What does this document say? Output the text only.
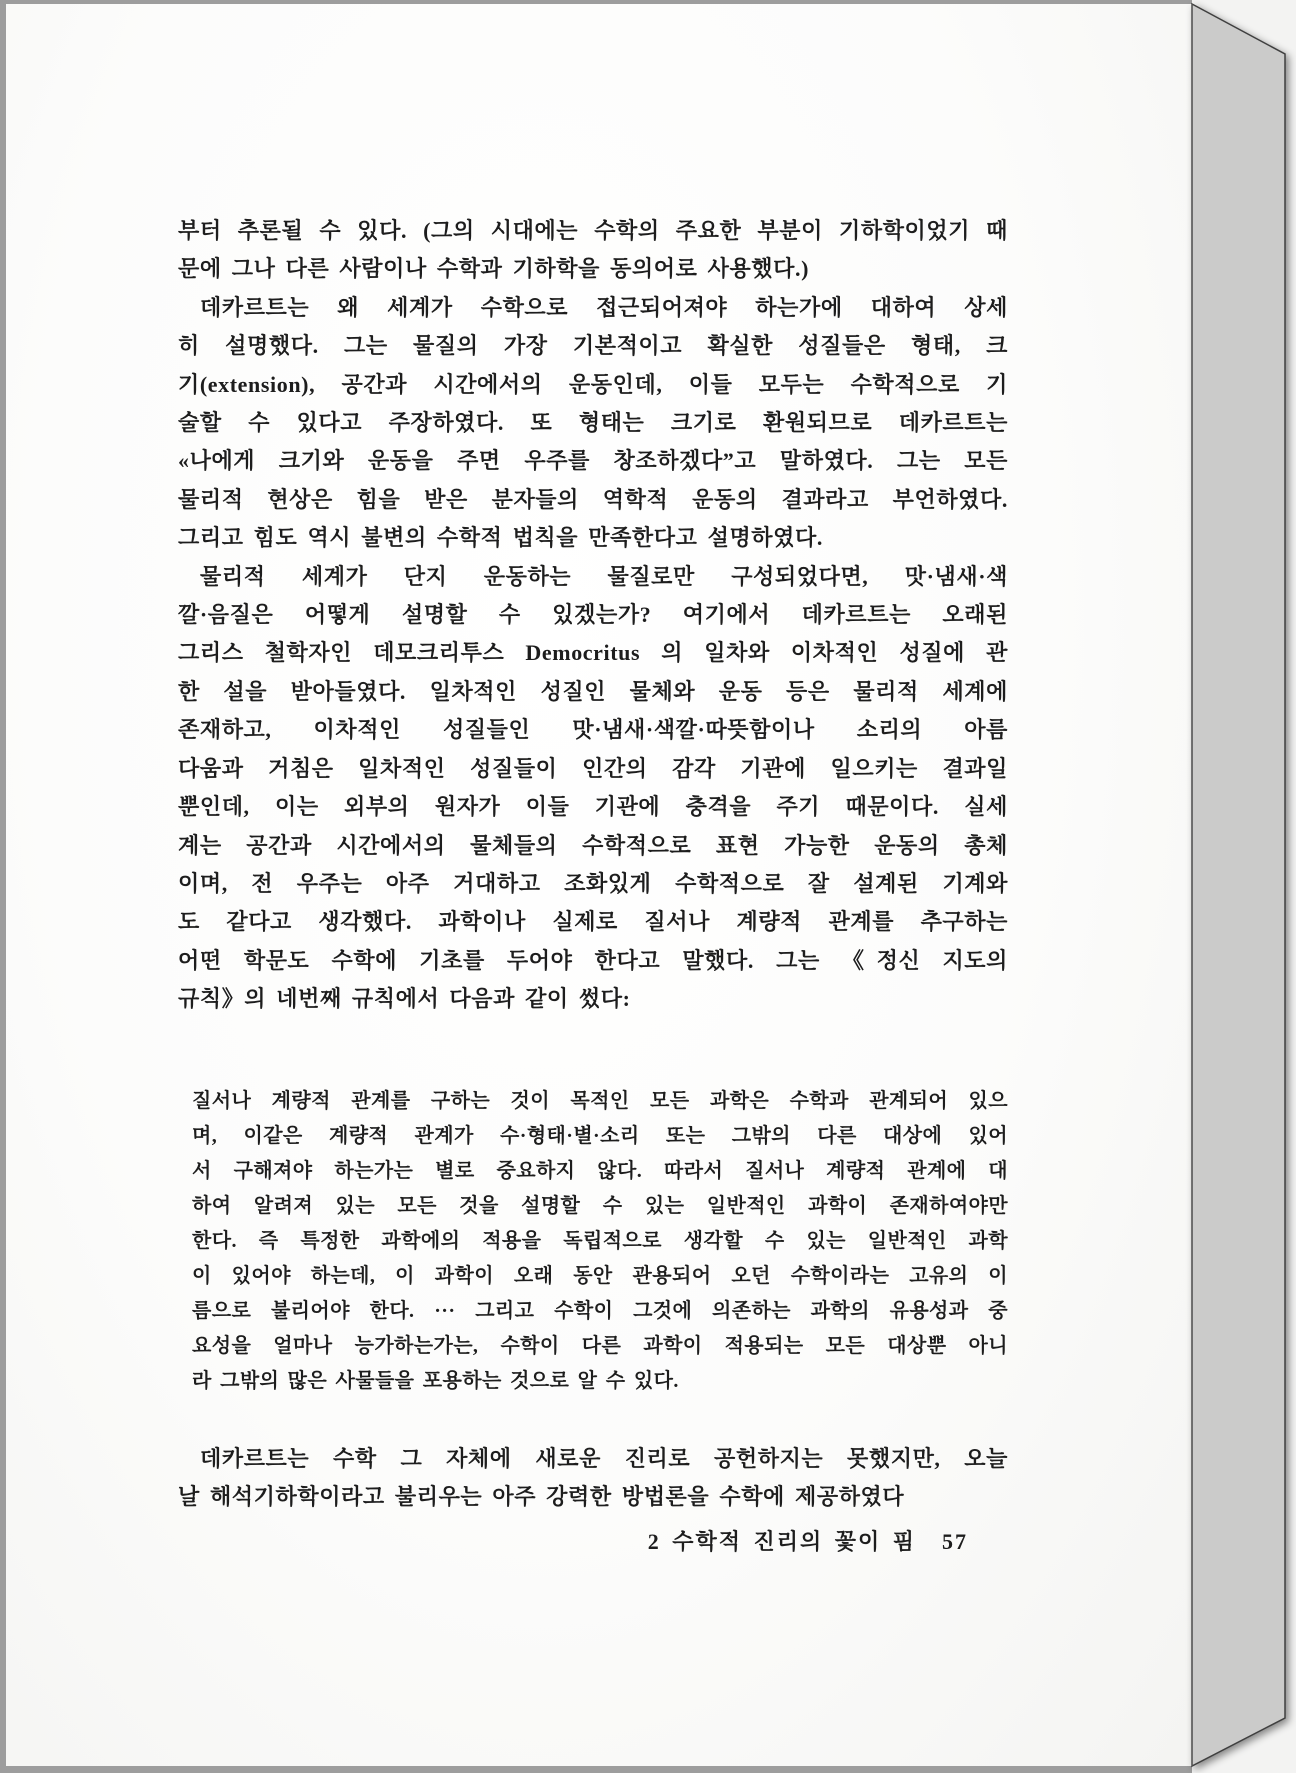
부터 추론될 수 있다. (그의 시대에는 수학의 주요한 부분이 기하학이었기 때
문에 그나 다른 사람이나 수학과 기하학을 동의어로 사용했다.)
데카르트는 왜 세계가 수학으로 접근되어져야 하는가에 대하여 상세
히 설명했다. 그는 물질의 가장 기본적이고 확실한 성질들은 형태, 크
기(extension), 공간과 시간에서의 운동인데, 이들 모두는 수학적으로 기
술할 수 있다고 주장하였다. 또 형태는 크기로 환원되므로 데카르트는
«나에게 크기와 운동을 주면 우주를 창조하겠다”고 말하였다. 그는 모든
물리적 현상은 힘을 받은 분자들의 역학적 운동의 결과라고 부언하였다.
그리고 힘도 역시 불변의 수학적 법칙을 만족한다고 설명하였다.
물리적 세계가 단지 운동하는 물질로만 구성되었다면, 맛·냄새·색
깔·음질은 어떻게 설명할 수 있겠는가? 여기에서 데카르트는 오래된
그리스 철학자인 데모크리투스 Democritus 의 일차와 이차적인 성질에 관
한 설을 받아들였다. 일차적인 성질인 물체와 운동 등은 물리적 세계에
존재하고, 이차적인 성질들인 맛·냄새·색깔·따뜻함이나 소리의 아름
다움과 거침은 일차적인 성질들이 인간의 감각 기관에 일으키는 결과일
뿐인데, 이는 외부의 원자가 이들 기관에 충격을 주기 때문이다. 실세
계는 공간과 시간에서의 물체들의 수학적으로 표현 가능한 운동의 총체
이며, 전 우주는 아주 거대하고 조화있게 수학적으로 잘 설계된 기계와
도 같다고 생각했다. 과학이나 실제로 질서나 계량적 관계를 추구하는
어떤 학문도 수학에 기초를 두어야 한다고 말했다. 그는 《정신 지도의
규칙》의 네번째 규칙에서 다음과 같이 썼다:
질서나 계량적 관계를 구하는 것이 목적인 모든 과학은 수학과 관계되어 있으
며, 이같은 계량적 관계가 수·형태·별·소리 또는 그밖의 다른 대상에 있어
서 구해져야 하는가는 별로 중요하지 않다. 따라서 질서나 계량적 관계에 대
하여 알려져 있는 모든 것을 설명할 수 있는 일반적인 과학이 존재하여야만
한다. 즉 특정한 과학에의 적용을 독립적으로 생각할 수 있는 일반적인 과학
이 있어야 하는데, 이 과학이 오래 동안 관용되어 오던 수학이라는 고유의 이
름으로 불리어야 한다. ··· 그리고 수학이 그것에 의존하는 과학의 유용성과 중
요성을 얼마나 능가하는가는, 수학이 다른 과학이 적용되는 모든 대상뿐 아니
라 그밖의 많은 사물들을 포용하는 것으로 알 수 있다.
데카르트는 수학 그 자체에 새로운 진리로 공헌하지는 못했지만, 오늘
날 해석기하학이라고 불리우는 아주 강력한 방법론을 수학에 제공하였다
2 수학적 진리의 꽃이 핌 57
